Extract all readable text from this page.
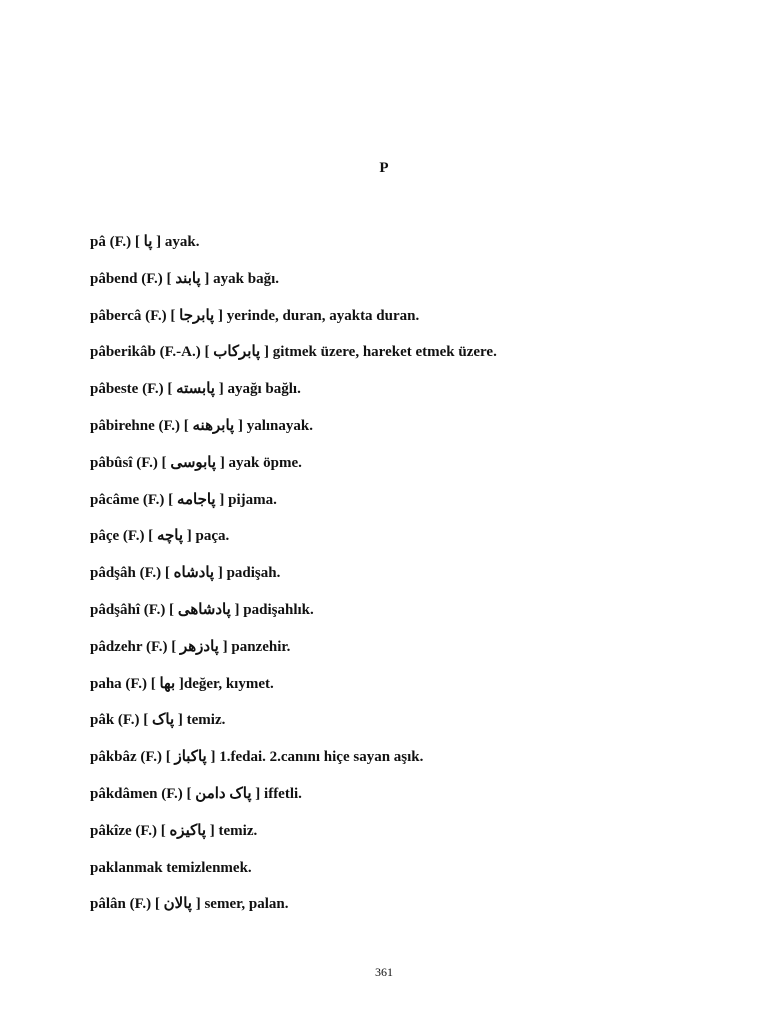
P
pâ (F.) [ پا ] ayak.
pâbend (F.) [ پابند ] ayak bağı.
pâbercâ (F.) [ پابرجا ] yerinde, duran, ayakta duran.
pâberikâb (F.-A.) [ پابركاب ] gitmek üzere, hareket etmek üzere.
pâbeste (F.) [ پابسته ] ayağı bağlı.
pâbirehne (F.) [ پابرهنه ] yalınayak.
pâbûsî (F.) [ پابوسی ] ayak öpme.
pâcâme (F.) [ پاجامه ] pijama.
pâçe (F.) [ پاچه ] paça.
pâdşâh (F.) [ پادشاه ] padişah.
pâdşâhî (F.) [ پادشاهی ] padişahlık.
pâdzehr (F.) [ پادزهر ] panzehir.
paha (F.) [ بها ]değer, kıymet.
pâk (F.) [ پاک ] temiz.
pâkbâz (F.) [ پاکباز ] 1.fedai. 2.canını hiçe sayan aşık.
pâkdâmen (F.) [ پاک دامن ] iffetli.
pâkîze (F.) [ پاکیزه ] temiz.
paklanmak temizlenmek.
pâlân (F.) [ پالان ] semer, palan.
361
